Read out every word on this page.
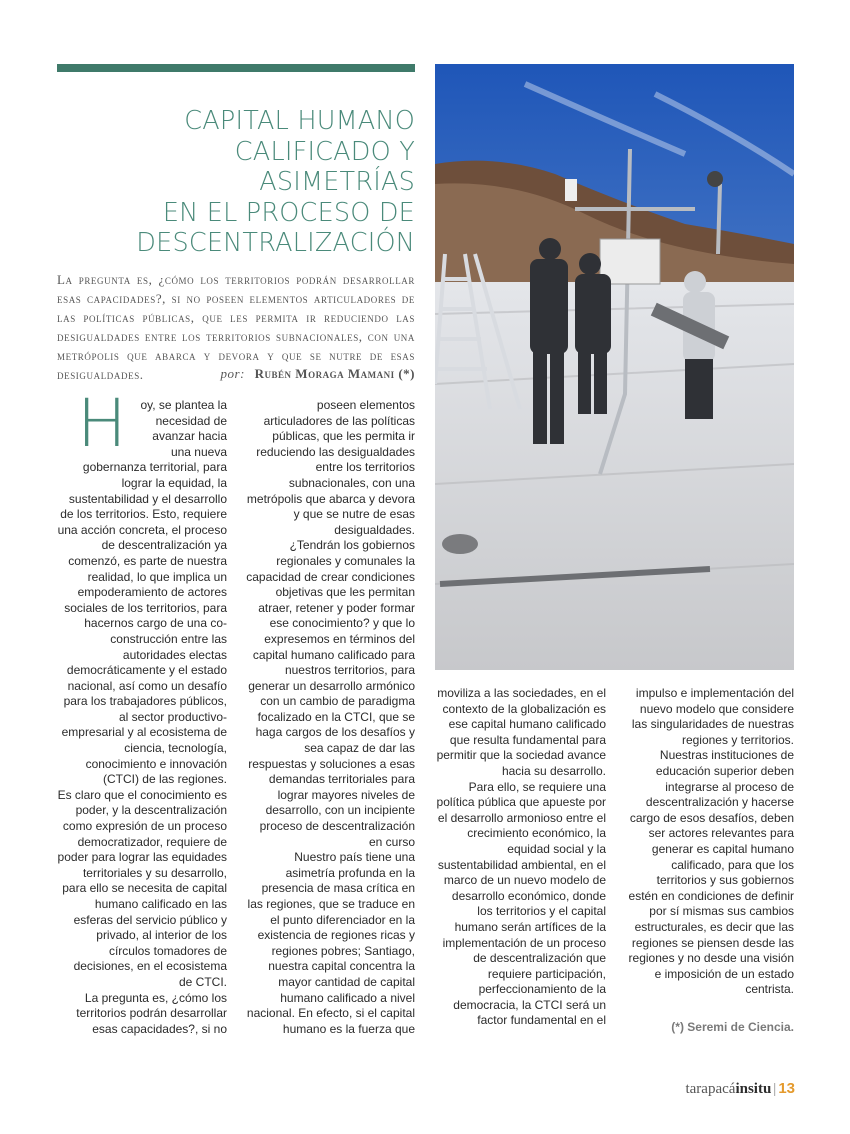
CAPITAL HUMANO
CALIFICADO Y
ASIMETRÍAS
EN EL PROCESO DE
DESCENTRALIZACIÓN
La pregunta es, ¿cómo los territorios podrán desarrollar esas capacidades?, si no poseen elementos articuladores de las políticas públicas, que les permita ir reduciendo las desigualdades entre los territorios subnacionales, con una metrópolis que abarca y devora y que se nutre de esas desigualdades.	por: Rubén Moraga Mamani (*)
H	oy, se plantea la necesidad de avanzar hacia una nueva gobernanza territorial, para lograr la equidad, la sustentabilidad y el desarrollo de los territorios. Esto, requiere una acción concreta, el proceso de descentralización ya comenzó, es parte de nuestra realidad, lo que implica un empoderamiento de actores sociales de los territorios, para hacernos cargo de una co-construcción entre las autoridades electas democráticamente y el estado nacional, así como un desafío para los trabajadores públicos, al sector productivo-empresarial y al ecosistema de ciencia, tecnología, conocimiento e innovación (CTCI) de las regiones.

Es claro que el conocimiento es poder, y la descentralización como expresión de un proceso democratizador, requiere de poder para lograr las equidades territoriales y su desarrollo, para ello se necesita de capital humano calificado en las esferas del servicio público y privado, al interior de los círculos tomadores de decisiones, en el ecosistema de CTCI.

La pregunta es, ¿cómo los territorios podrán desarrollar esas capacidades?, si no

poseen elementos articuladores de las políticas públicas, que les permita ir reduciendo las desigualdades entre los territorios subnacionales, con una metrópolis que abarca y devora y que se nutre de esas desigualdades.

¿Tendrán los gobiernos regionales y comunales la capacidad de crear condiciones objetivas que les permitan atraer, retener y poder formar ese conocimiento? y que lo expresemos en términos del capital humano calificado para nuestros territorios, para generar un desarrollo armónico con un cambio de paradigma focalizado en la CTCI, que se haga cargos de los desafíos y sea capaz de dar las respuestas y soluciones a esas demandas territoriales para lograr mayores niveles de desarrollo, con un incipiente proceso de descentralización en curso

Nuestro país tiene una asimetría profunda en la presencia de masa crítica en las regiones, que se traduce en el punto diferenciador en la existencia de regiones ricas y regiones pobres; Santiago, nuestra capital concentra la mayor cantidad de capital humano calificado a nivel nacional. En efecto, si el capital humano es la fuerza que

moviliza a las sociedades, en el contexto de la globalización es ese capital humano calificado que resulta fundamental para permitir que la sociedad avance hacia su desarrollo.

Para ello, se requiere una política pública que apueste por el desarrollo armonioso entre el crecimiento económico, la equidad social y la sustentabilidad ambiental, en el marco de un nuevo modelo de desarrollo económico, donde los territorios y el capital humano serán artífices de la implementación de un proceso de descentralización que requiere participación, perfeccionamiento de la democracia, la CTCI será un factor fundamental en el

impulso e implementación del nuevo modelo que considere las singularidades de nuestras regiones y territorios.

Nuestras instituciones de educación superior deben integrarse al proceso de descentralización y hacerse cargo de esos desafíos, deben ser actores relevantes para generar es capital humano calificado, para que los territorios y sus gobiernos estén en condiciones de definir por sí mismas sus cambios estructurales, es decir que las regiones se piensen desde las regiones y no desde una visión e imposición de un estado centrista.

(*) Seremi de Ciencia.
tarapacáinsitu | 13
